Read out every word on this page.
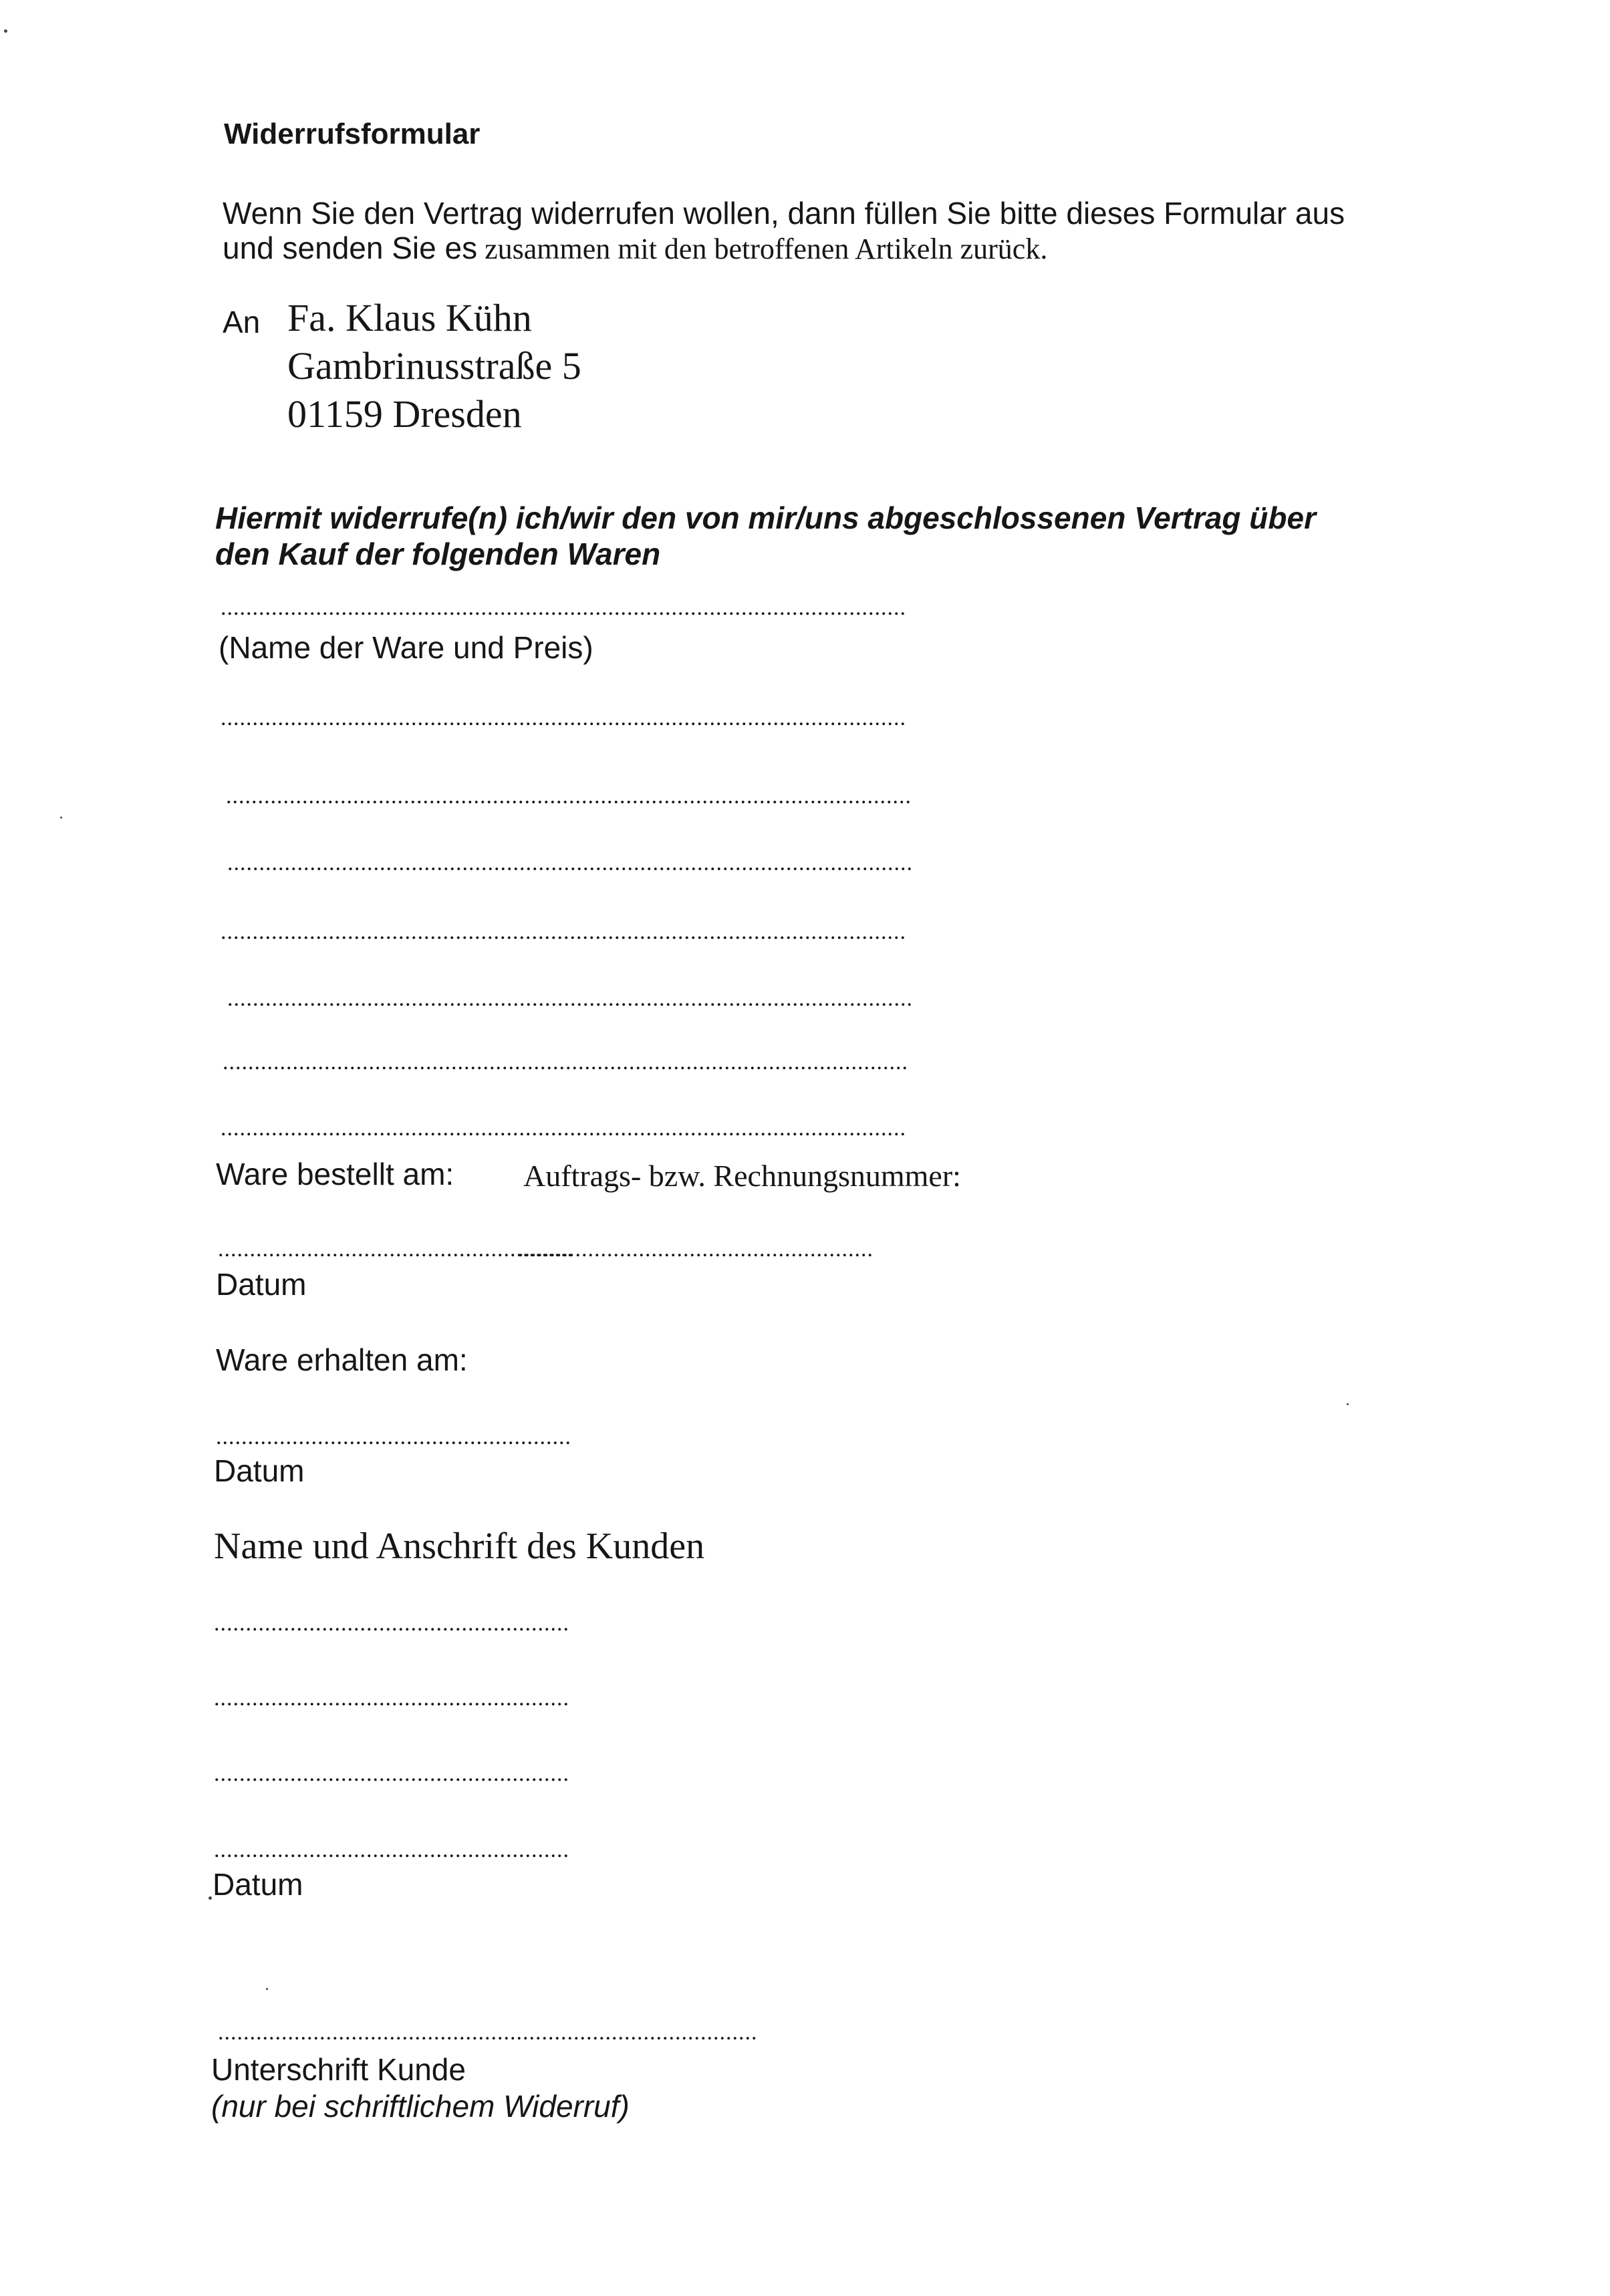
Widerrufsformular

Wenn Sie den Vertrag widerrufen wollen, dann füllen Sie bitte dieses Formular aus

und senden Sie es zusammen mit den betroffenen Artikeln zurück.

An Fa. Klaus Kühn
Gambrinusstraße 5
01159 Dresden

Hiermit widerrufe(n) ich/wir den von mir/uns abgeschlossenen Vertrag über

den Kauf der folgenden Waren

............................................................................................................

(Name der Ware und Preis)

............................................................................................................

............................................................................................................

............................................................................................................

............................................................................................................

............................................................................................................

............................................................................................................

............................................................................................................

Ware bestellt am: Auftrags- bzw. Rechnungsnummer:

........................................................

........................................................

Datum

Ware erhalten am:

........................................................

Datum

Name und Anschrift des Kunden

........................................................

........................................................

........................................................

........................................................

Datum

.....................................................................................

Unterschrift Kunde

(nur bei schriftlichem Widerruf)
